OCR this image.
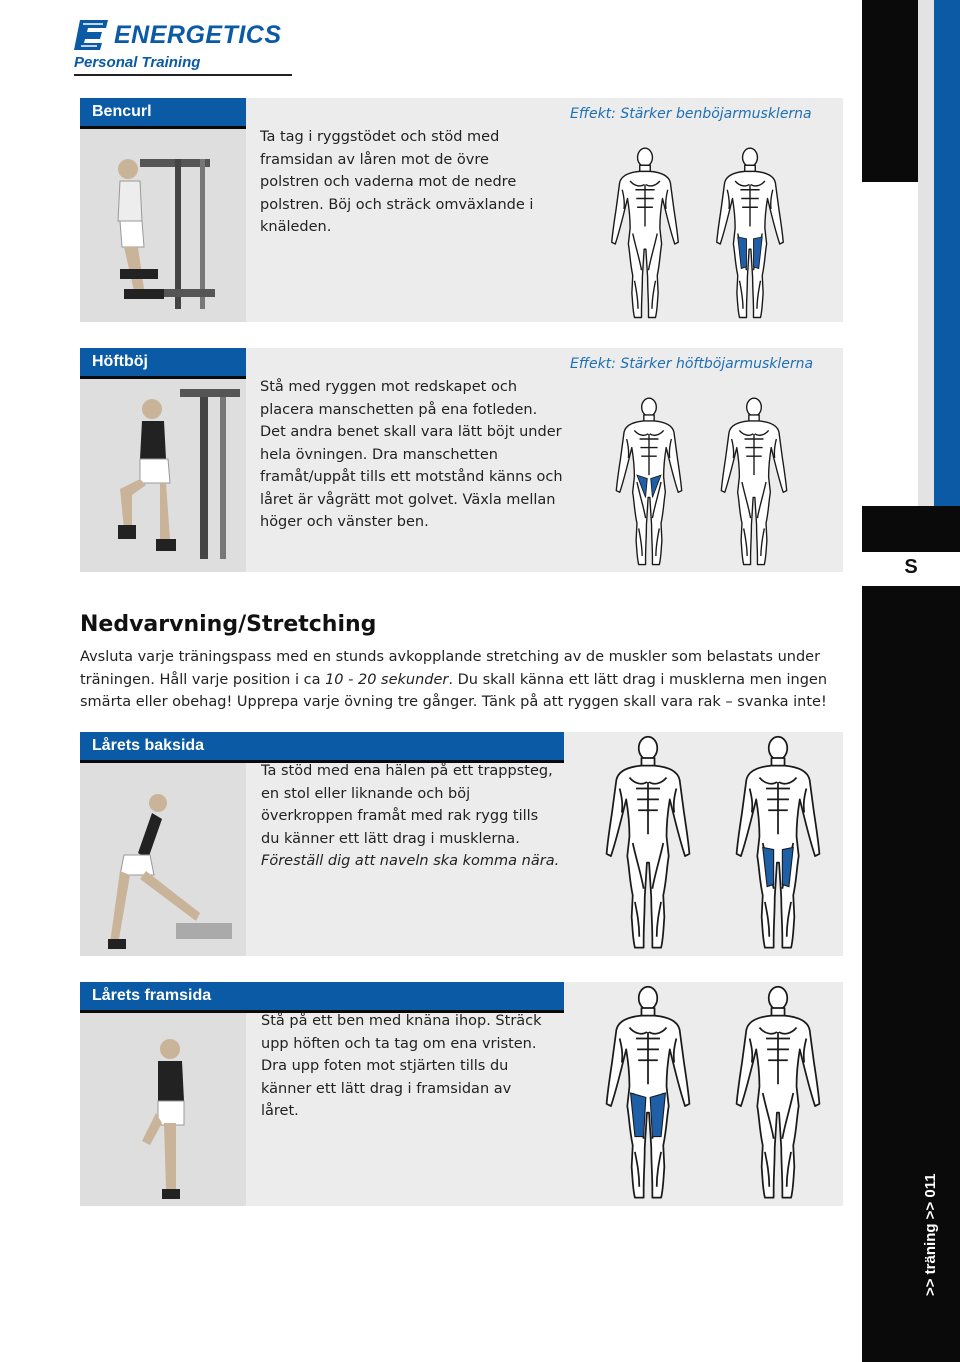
ENERGETICS
Personal Training
S
>> träning >> 011
Bencurl
Ta tag i ryggstödet och stöd med framsidan av låren mot de övre polstren och vaderna mot de nedre polstren. Böj och sträck omväxlande i knäleden.
Effekt: Stärker benböjarmusklerna
Höftböj
Stå med ryggen mot redskapet och placera manschetten på ena fotleden. Det andra benet skall vara lätt böjt under hela övningen. Dra manschetten framåt/uppåt tills ett motstånd känns och låret är vågrätt mot golvet. Växla mellan höger och vänster ben.
Effekt: Stärker höftböjarmusklerna
Nedvarvning/Stretching
Avsluta varje träningspass med en stunds avkopplande stretching av de muskler som belastats under träningen. Håll varje position i ca 10 - 20 sekunder. Du skall känna ett lätt drag i musklerna men ingen smärta eller obehag! Upprepa varje övning tre gånger. Tänk på att ryggen skall vara rak – svanka inte!
Lårets baksida
Ta stöd med ena hälen på ett trappsteg, en stol eller liknande och böj överkroppen framåt med rak rygg tills du känner ett lätt drag i musklerna.
Föreställ dig att naveln ska komma nära.
Lårets framsida
Stå på ett ben med knäna ihop. Sträck upp höften och ta tag om ena vristen. Dra upp foten mot stjärten tills du känner ett lätt drag i framsidan av låret.
